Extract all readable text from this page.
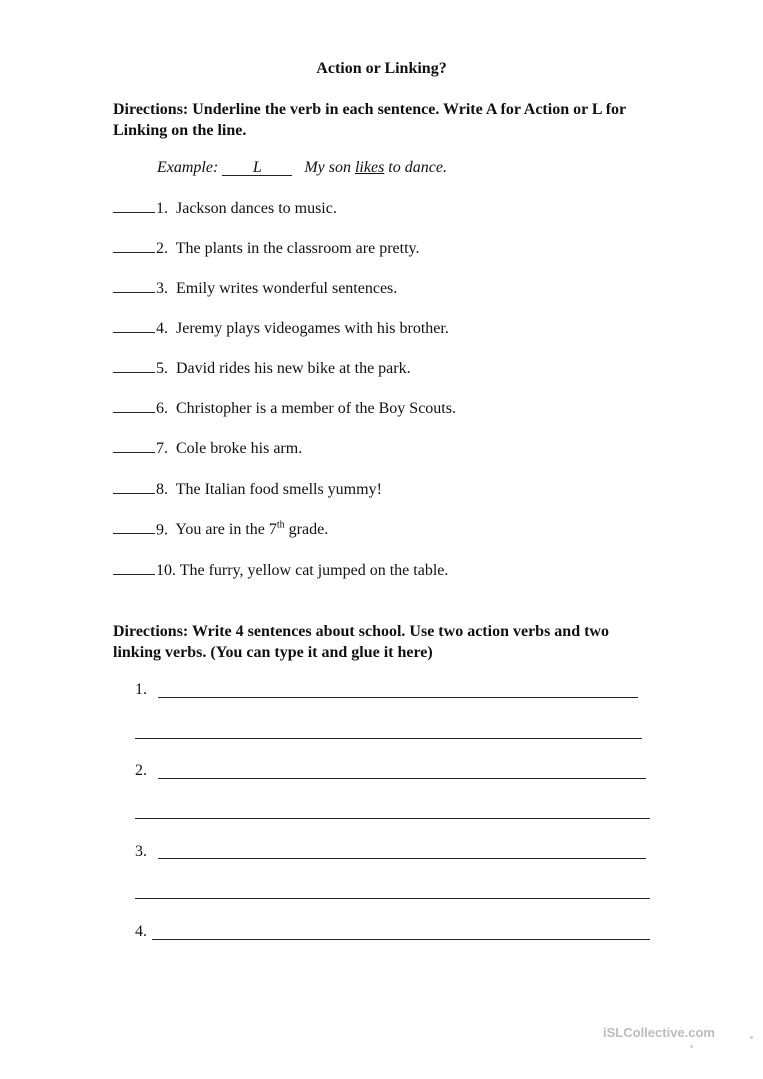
Action or Linking?
Directions: Underline the verb in each sentence. Write A for Action or L for Linking on the line.
Example: L	My son likes to dance.
1. Jackson dances to music.
2. The plants in the classroom are pretty.
3. Emily writes wonderful sentences.
4. Jeremy plays videogames with his brother.
5. David rides his new bike at the park.
6. Christopher is a member of the Boy Scouts.
7. Cole broke his arm.
8. The Italian food smells yummy!
9. You are in the 7th grade.
10. The furry, yellow cat jumped on the table.
Directions: Write 4 sentences about school. Use two action verbs and two linking verbs. (You can type it and glue it here)
1.
2.
3.
4.
iSLCollective.com
